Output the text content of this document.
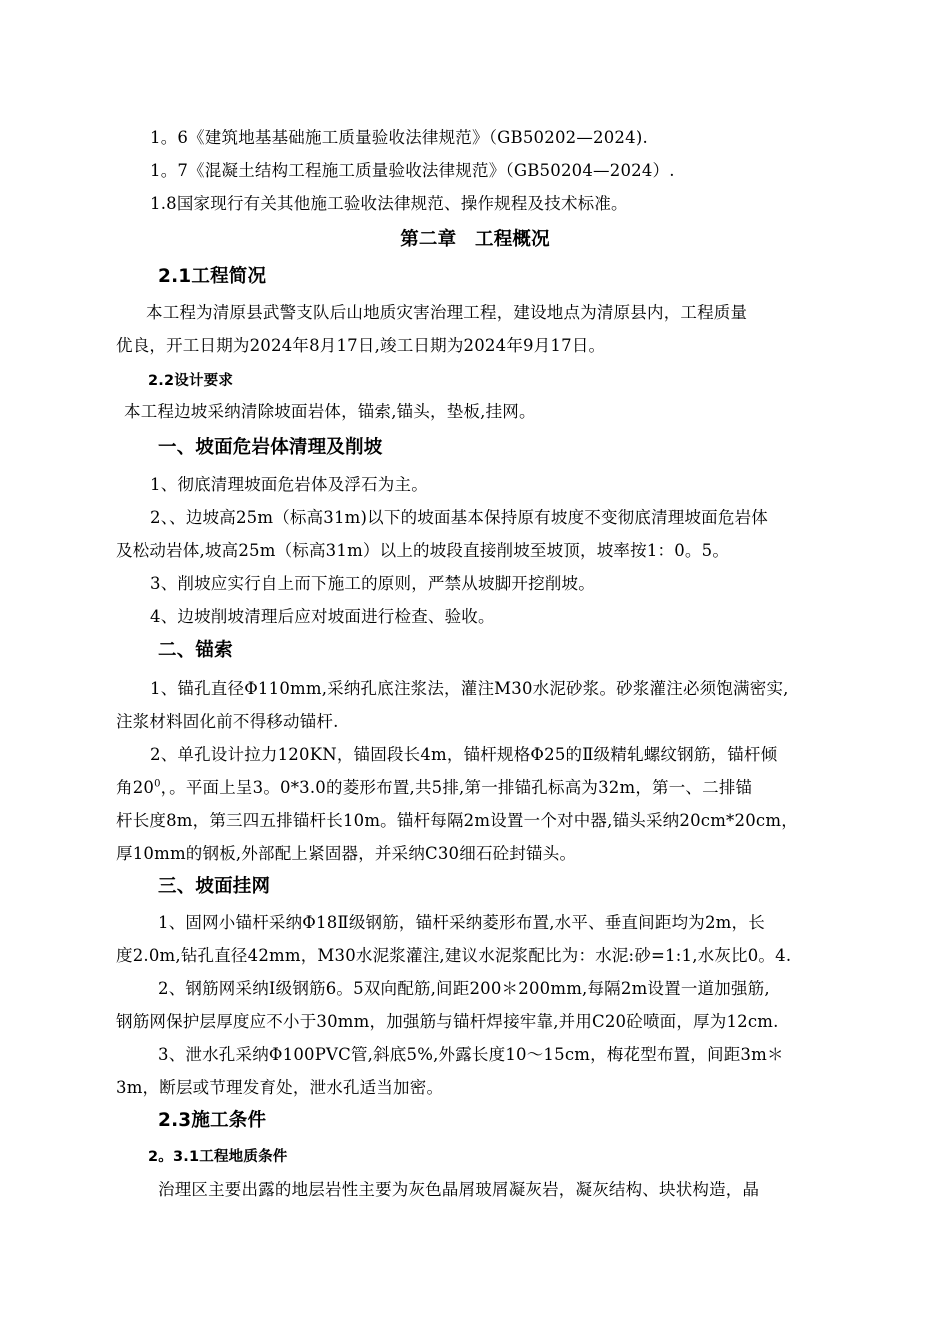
1。6《建筑地基基础施工质量验收法律规范》（GB50202—2024).
1。7《混凝土结构工程施工质量验收法律规范》（GB50204—2024）.
1.8国家现行有关其他施工验收法律规范、操作规程及技术标准。
第二章　工程概况
2.1工程简况
本工程为清原县武警支队后山地质灾害治理工程，建设地点为清原县内，工程质量
优良，开工日期为2024年8月17日,竣工日期为2024年9月17日。
2.2设计要求
本工程边坡采纳清除坡面岩体，锚索,锚头，垫板,挂网。
一、坡面危岩体清理及削坡
1、彻底清理坡面危岩体及浮石为主。
2、、边坡高25m（标高31m)以下的坡面基本保持原有坡度不变彻底清理坡面危岩体
及松动岩体,坡高25m（标高31m）以上的坡段直接削坡至坡顶，坡率按1：0。5。
3、削坡应实行自上而下施工的原则，严禁从坡脚开挖削坡。
4、边坡削坡清理后应对坡面进行检查、验收。
二、锚索
1、锚孔直径Φ110mm,采纳孔底注浆法，灌注M30水泥砂浆。砂浆灌注必须饱满密实,
注浆材料固化前不得移动锚杆.
2、单孔设计拉力120KN，锚固段长4m，锚杆规格Φ25的Ⅱ级精轧螺纹钢筋，锚杆倾
角$20^0$，。平面上呈3。0*3.0的菱形布置,共5排,第一排锚孔标高为32m，第一、二排锚
杆长度8m，第三四五排锚杆长10m。锚杆每隔2m设置一个对中器,锚头采纳20cm*20cm，
厚10mm的钢板,外部配上紧固器，并采纳C30细石砼封锚头。
三、坡面挂网
1、固网小锚杆采纳Φ18Ⅱ级钢筋，锚杆采纳菱形布置,水平、垂直间距均为2m，长
度2.0m,钻孔直径42mm，M30水泥浆灌注,建议水泥浆配比为：水泥:砂=1:1,水灰比0。4.
2、钢筋网采纳Ⅰ级钢筋6。5双向配筋,间距200＊200mm,每隔2m设置一道加强筋,
钢筋网保护层厚度应不小于30mm，加强筋与锚杆焊接牢靠,并用C20砼喷面，厚为12cm.
3、泄水孔采纳Φ100PVC管,斜底5%,外露长度10～15cm，梅花型布置，间距3m＊
3m，断层或节理发育处，泄水孔适当加密。
2.3施工条件
2。3.1工程地质条件
治理区主要出露的地层岩性主要为灰色晶屑玻屑凝灰岩，凝灰结构、块状构造，晶
